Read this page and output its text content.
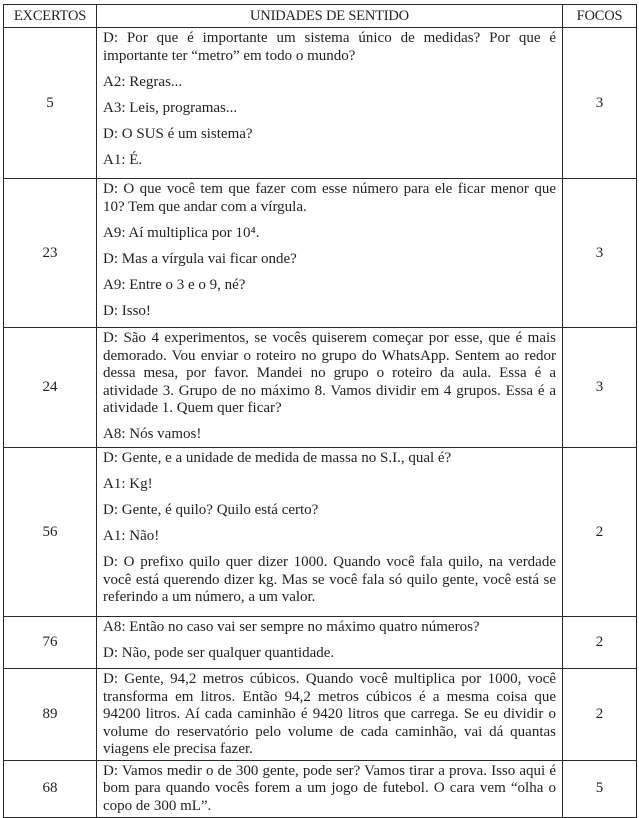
EXCERTOS	UNIDADES DE SENTIDO	FOCOS
5	D: Por que é importante um sistema único de medidas? Por que é importante ter “metro” em todo o mundo?

A2: Regras...

A3: Leis, programas...

D: O SUS é um sistema?

A1: É.	3
23	D: O que você tem que fazer com esse número para ele ficar menor que 10? Tem que andar com a vírgula.

A9: Aí multiplica por 10⁴.

D: Mas a vírgula vai ficar onde?

A9: Entre o 3 e o 9, né?

D: Isso!	3
24	D: São 4 experimentos, se vocês quiserem começar por esse, que é mais demorado. Vou enviar o roteiro no grupo do WhatsApp. Sentem ao redor dessa mesa, por favor. Mandei no grupo o roteiro da aula. Essa é a atividade 3. Grupo de no máximo 8. Vamos dividir em 4 grupos. Essa é a atividade 1. Quem quer ficar?

A8: Nós vamos!	3
56	D: Gente, e a unidade de medida de massa no S.I., qual é?

A1: Kg!

D: Gente, é quilo? Quilo está certo?

A1: Não!

D: O prefixo quilo quer dizer 1000. Quando você fala quilo, na verdade você está querendo dizer kg. Mas se você fala só quilo gente, você está se referindo a um número, a um valor.	2
76	A8: Então no caso vai ser sempre no máximo quatro números?

D: Não, pode ser qualquer quantidade.	2
89	D: Gente, 94,2 metros cúbicos. Quando você multiplica por 1000, você transforma em litros. Então 94,2 metros cúbicos é a mesma coisa que 94200 litros. Aí cada caminhão é 9420 litros que carrega. Se eu dividir o volume do reservatório pelo volume de cada caminhão, vai dá quantas viagens ele precisa fazer.	2
68	D: Vamos medir o de 300 gente, pode ser? Vamos tirar a prova. Isso aqui é bom para quando vocês forem a um jogo de futebol. O cara vem “olha o copo de 300 mL”.	5
